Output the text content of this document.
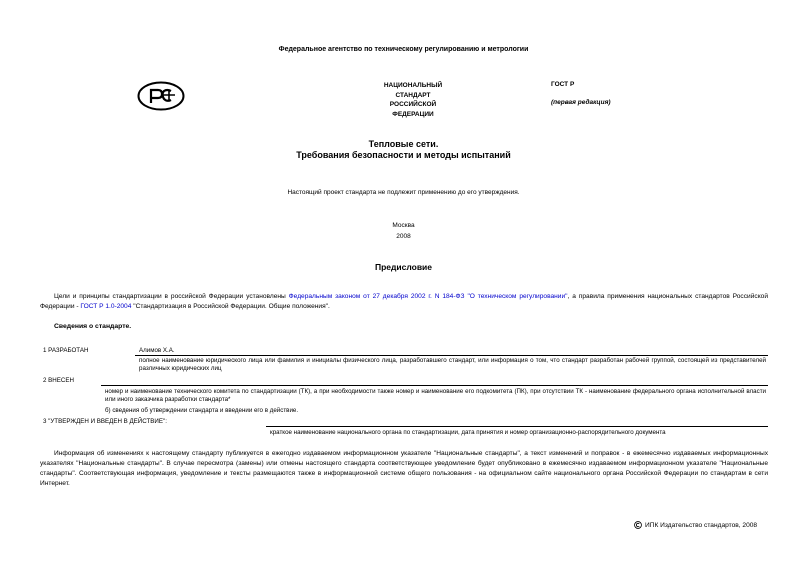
Федеральное агентство по техническому регулированию и метрологии
НАЦИОНАЛЬНЫЙ
СТАНДАРТ
РОССИЙСКОЙ
ФЕДЕРАЦИИ
ГОСТ Р
(первая редакция)
Тепловые сети.
Требования безопасности и методы испытаний
Настоящий проект стандарта не подлежит применению до его утверждения.
Москва
2008
Предисловие
Цели и принципы стандартизации в российской Федерации установлены Федеральным законом от 27 декабря 2002 г. N 184-ФЗ "О техническом регулировании", а правила применения национальных стандартов Российской Федерации - ГОСТ Р 1.0-2004 "Стандартизация в Российской Федерации. Общие положения".
Сведения о стандарте.
1 РАЗРАБОТАН	Алимов Х.А.
полное наименование юридического лица или фамилия и инициалы физического лица, разработавшего стандарт, или информация о том, что стандарт разработан рабочей группой, состоящей из представителей различных юридических лиц
2 ВНЕСЕН
номер и наименование технического комитета по стандартизации (ТК), а при необходимости также номер и наименование его подкомитета (ПК), при отсутствии ТК - наименование федерального органа исполнительной власти или иного заказчика разработки стандарта*
б) сведения об утверждении стандарта и введении его в действие.
3 "УТВЕРЖДЕН И ВВЕДЕН В ДЕЙСТВИЕ":
краткое наименование национального органа по стандартизации, дата принятия и номер организационно-распорядительного документа
Информация об изменениях к настоящему стандарту публикуется в ежегодно издаваемом информационном указателе "Национальные стандарты", а текст изменений и поправок - в ежемесячно издаваемых информационных указателях "Национальные стандарты". В случае пересмотра (замены) или отмены настоящего стандарта соответствующее уведомление будет опубликовано в ежемесячно издаваемом информационном указателе "Национальные стандарты". Соответствующая информация, уведомление и тексты размещаются также в информационной системе общего пользования - на официальном сайте национального органа Российской Федерации по стандартам в сети Интернет.
ИПК Издательство стандартов, 2008
